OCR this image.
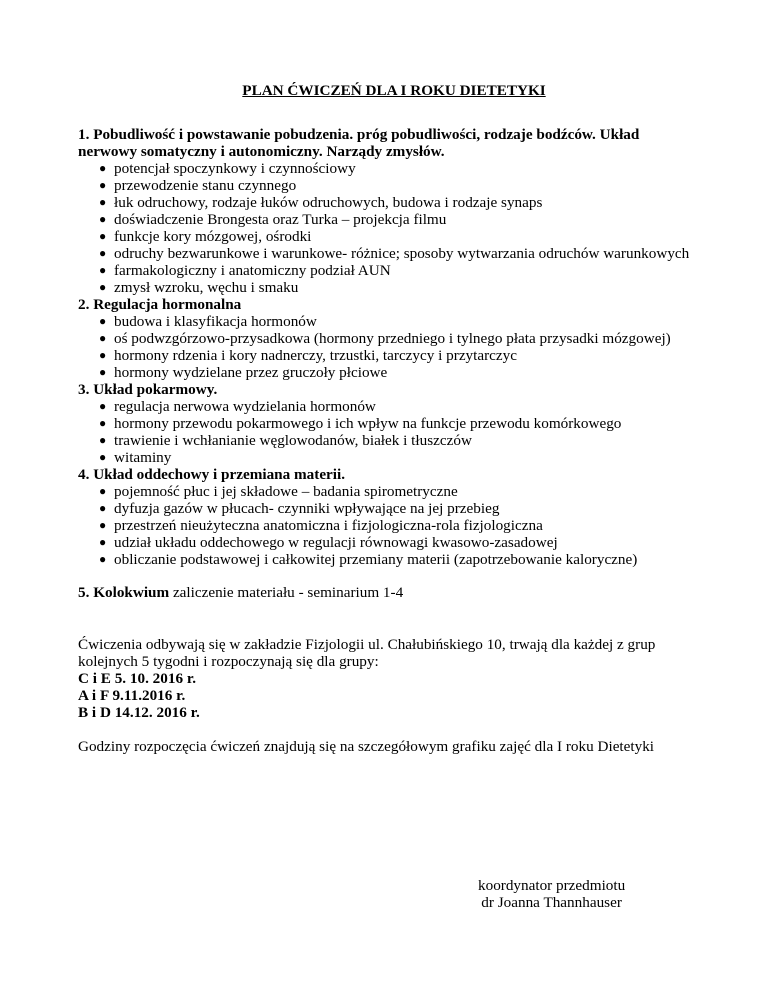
PLAN ĆWICZEŃ DLA I ROKU DIETETYKI
1. Pobudliwość i powstawanie pobudzenia. próg pobudliwości, rodzaje bodźców. Układ nerwowy somatyczny i autonomiczny. Narządy zmysłów.
● potencjał spoczynkowy i czynnościowy
● przewodzenie stanu czynnego
● łuk odruchowy, rodzaje łuków odruchowych, budowa i rodzaje synaps
● doświadczenie Brongesta oraz Turka – projekcja filmu
● funkcje kory mózgowej, ośrodki
● odruchy bezwarunkowe i warunkowe- różnice; sposoby wytwarzania odruchów warunkowych
● farmakologiczny i anatomiczny podział AUN
● zmysł wzroku, węchu i smaku
2. Regulacja hormonalna
● budowa i klasyfikacja hormonów
● oś podwzgórzowo-przysadkowa (hormony przedniego i tylnego płata przysadki mózgowej)
● hormony rdzenia i kory nadnerczy, trzustki, tarczycy i przytarczyc
● hormony wydzielane przez gruczoły płciowe
3. Układ pokarmowy.
● regulacja nerwowa wydzielania hormonów
● hormony przewodu pokarmowego i ich wpływ na funkcje przewodu komórkowego
● trawienie i wchłanianie węglowodanów, białek i tłuszczów
● witaminy
4. Układ oddechowy i przemiana materii.
● pojemność płuc i jej składowe – badania spirometryczne
● dyfuzja gazów w płucach- czynniki wpływające na jej przebieg
● przestrzeń nieużyteczna anatomiczna i fizjologiczna-rola fizjologiczna
● udział układu oddechowego w regulacji równowagi kwasowo-zasadowej
● obliczanie podstawowej i całkowitej przemiany materii (zapotrzebowanie kaloryczne)
5. Kolokwium zaliczenie materiału - seminarium 1-4
Ćwiczenia odbywają się w zakładzie Fizjologii ul. Chałubińskiego 10, trwają dla każdej z grup kolejnych 5 tygodni i rozpoczynają się dla grupy:
C i E 5. 10. 2016 r.
A i F 9.11.2016 r.
B i D 14.12. 2016 r.
Godziny rozpoczęcia ćwiczeń znajdują się na szczegółowym grafiku zajęć dla I roku Dietetyki
koordynator przedmiotu
dr Joanna Thannhauser
